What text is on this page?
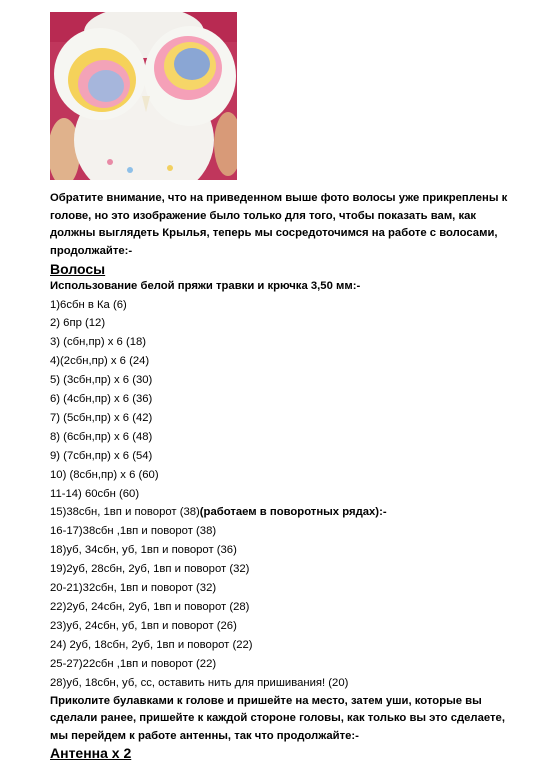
Обратите внимание, что на приведенном выше фото волосы уже прикреплены к голове, но это изображение было только для того, чтобы показать вам, как должны выглядеть Крылья, теперь мы сосредоточимся на работе с волосами, продолжайте:-

Волосы

Использование белой пряжи травки и крючка 3,50 мм:-

1)6сбн в Ка (6)
2) 6пр (12)
3) (сбн,пр) х 6 (18)
4)(2сбн,пр) х 6 (24)
5) (3сбн,пр) х 6 (30)
6) (4сбн,пр) х 6 (36)
7) (5сбн,пр) х 6 (42)
8) (6сбн,пр) х 6 (48)
9) (7сбн,пр) х 6 (54)
10) (8сбн,пр) х 6 (60)
11-14) 60сбн (60)
15)38сбн, 1вп и поворот (38)(работаем в поворотных рядах):-
16-17)38сбн ,1вп и поворот (38)
18)уб, 34сбн, уб, 1вп и поворот (36)
19)2уб, 28сбн, 2уб, 1вп и поворот (32)
20-21)32сбн, 1вп и поворот (32)
22)2уб, 24сбн, 2уб, 1вп и поворот (28)
23)уб, 24сбн, уб, 1вп и поворот (26)
24) 2уб, 18сбн, 2уб, 1вп и поворот (22)
25-27)22сбн ,1вп и поворот (22)
28)уб, 18сбн, уб, сс, оставить нить для пришивания! (20)

Приколите булавками к голове и пришейте на место, затем уши, которые вы сделали ранее, пришейте к каждой стороне головы, как только вы это сделаете, мы перейдем к работе антенны, так что продолжайте:-

Антенна х 2
